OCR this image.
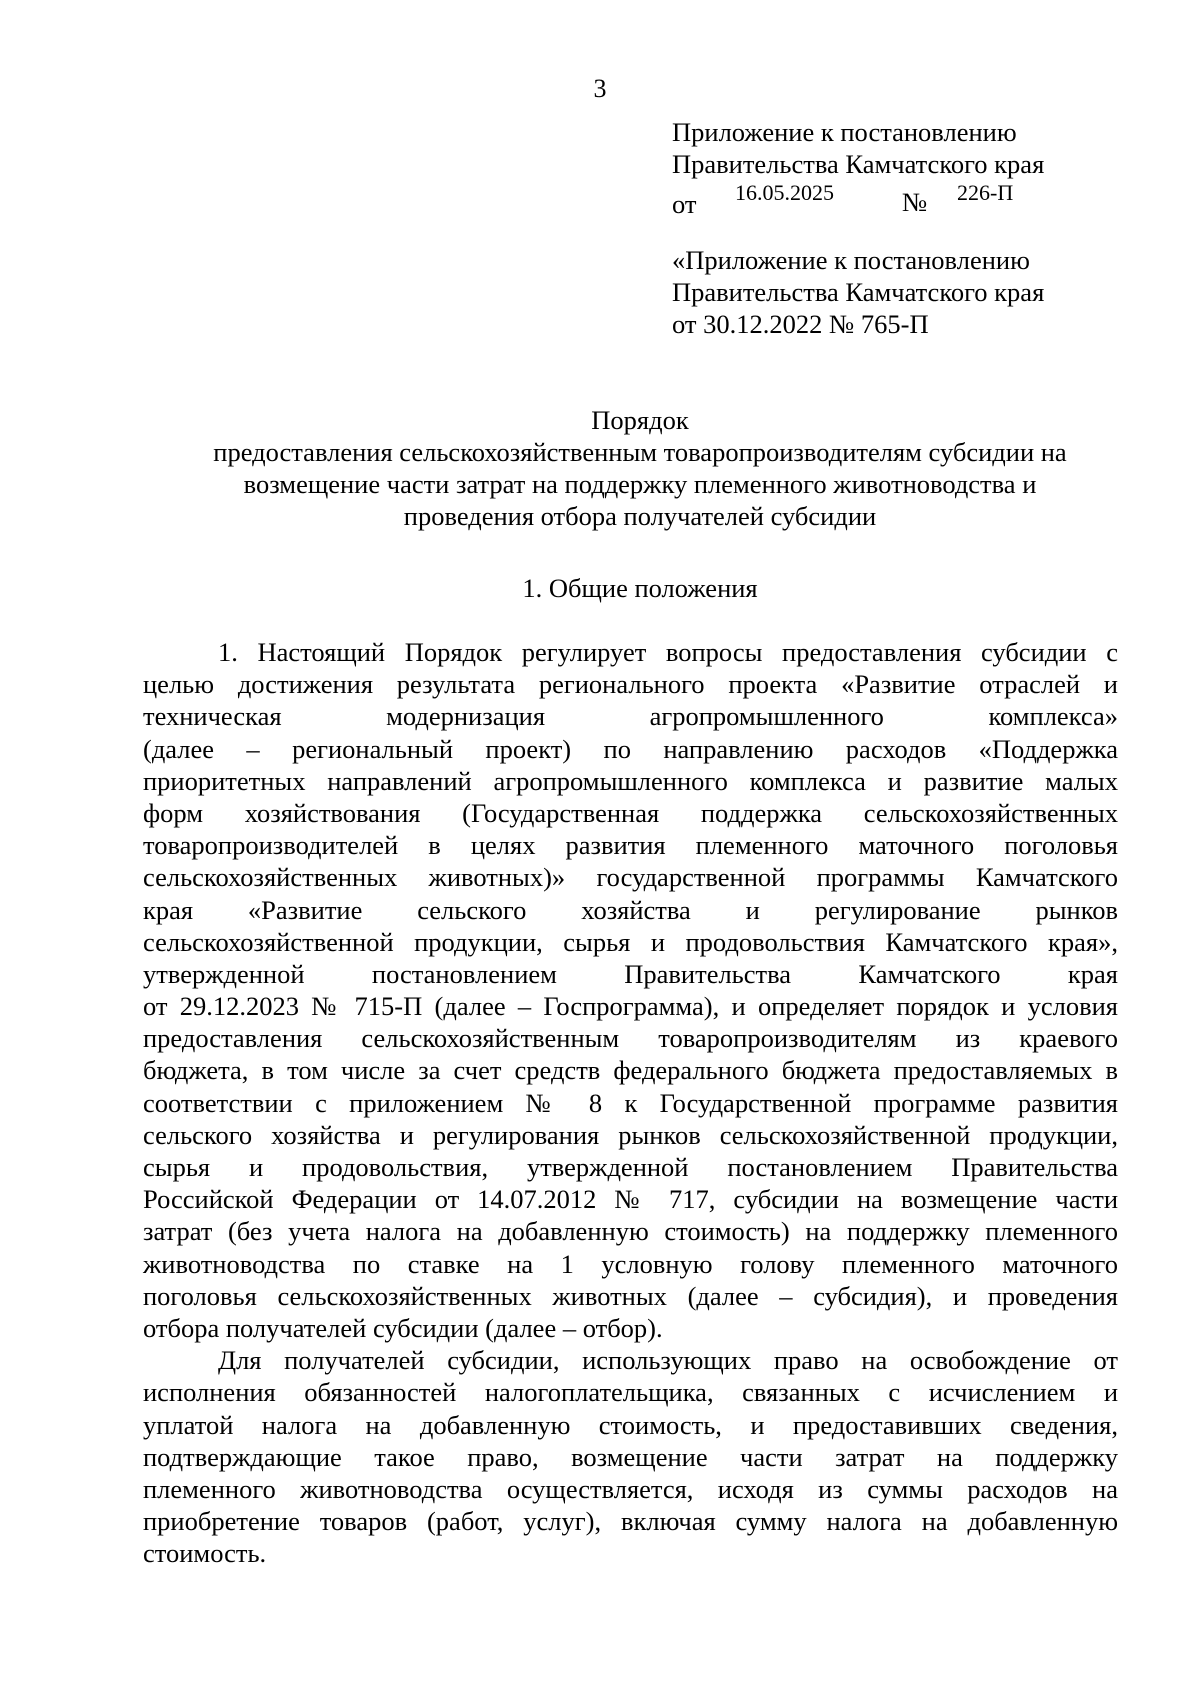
3
Приложение к постановлению
Правительства Камчатского края
от 16.05.2025	№ 226-П
«Приложение к постановлению
Правительства Камчатского края
от 30.12.2022 № 765-П
Порядок
предоставления сельскохозяйственным товаропроизводителям субсидии на
возмещение части затрат на поддержку племенного животноводства и
проведения отбора получателей субсидии
1. Общие положения
1. Настоящий Порядок регулирует вопросы предоставления субсидии с
целью достижения результата регионального проекта «Развитие отраслей и
техническая модернизация агропромышленного комплекса»
(далее – региональный проект) по направлению расходов «Поддержка
приоритетных направлений агропромышленного комплекса и развитие малых
форм хозяйствования (Государственная поддержка сельскохозяйственных
товаропроизводителей в целях развития племенного маточного поголовья
сельскохозяйственных животных)» государственной программы Камчатского
края «Развитие сельского хозяйства и регулирование рынков
сельскохозяйственной продукции, сырья и продовольствия Камчатского края»,
утвержденной постановлением Правительства Камчатского края
от 29.12.2023 № 715-П (далее – Госпрограмма), и определяет порядок и условия
предоставления сельскохозяйственным товаропроизводителям из краевого
бюджета, в том числе за счет средств федерального бюджета предоставляемых в
соответствии с приложением № 8 к Государственной программе развития
сельского хозяйства и регулирования рынков сельскохозяйственной продукции,
сырья и продовольствия, утвержденной постановлением Правительства
Российской Федерации от 14.07.2012 № 717, субсидии на возмещение части
затрат (без учета налога на добавленную стоимость) на поддержку племенного
животноводства по ставке на 1 условную голову племенного маточного
поголовья сельскохозяйственных животных (далее – субсидия), и проведения
отбора получателей субсидии (далее – отбор).
Для получателей субсидии, использующих право на освобождение от
исполнения обязанностей налогоплательщика, связанных с исчислением и
уплатой налога на добавленную стоимость, и предоставивших сведения,
подтверждающие такое право, возмещение части затрат на поддержку
племенного животноводства осуществляется, исходя из суммы расходов на
приобретение товаров (работ, услуг), включая сумму налога на добавленную
стоимость.
